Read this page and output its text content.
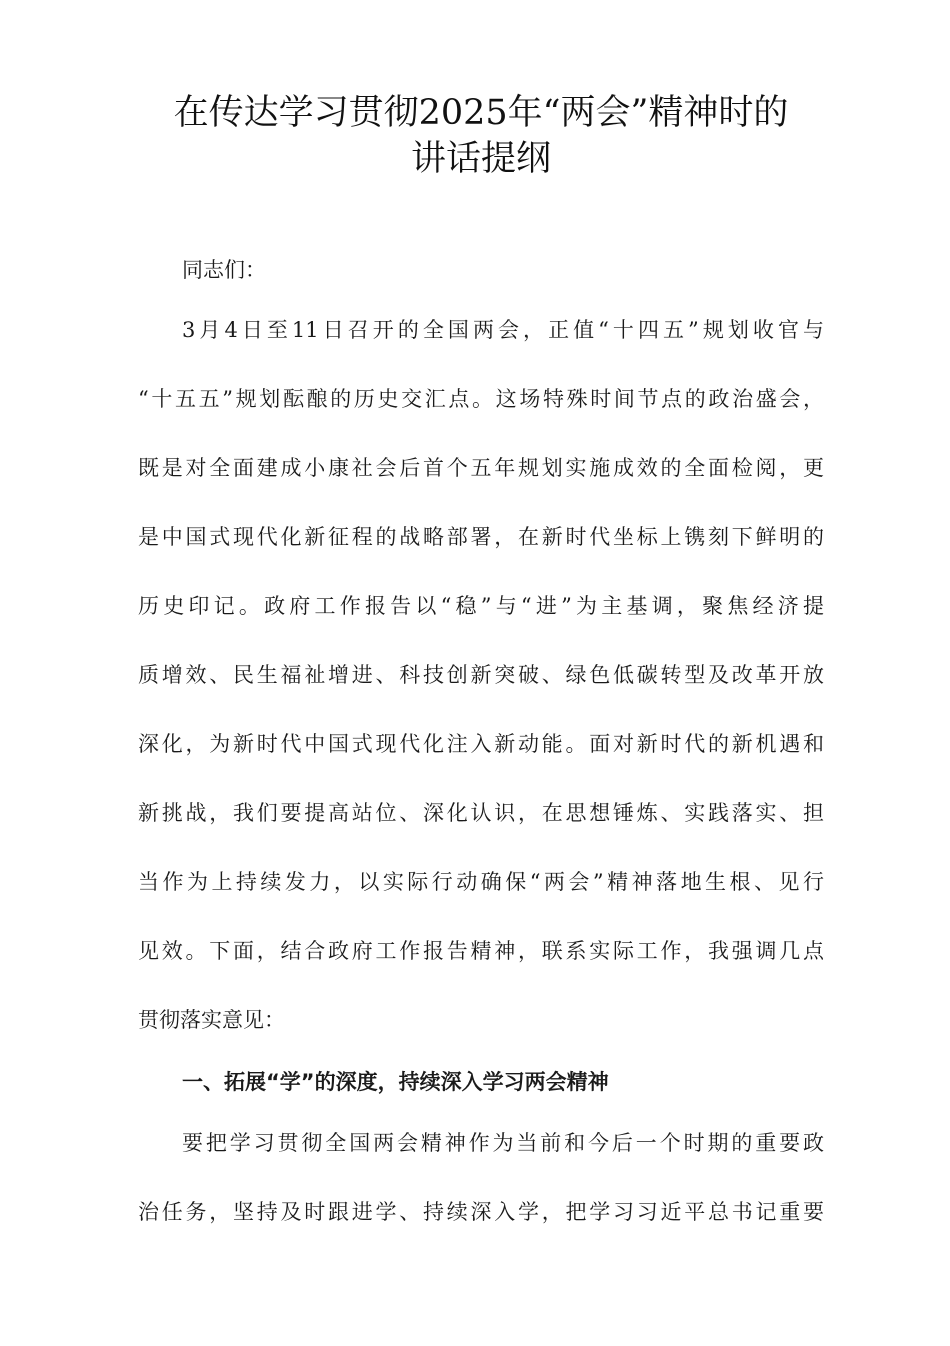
在传达学习贯彻2025年“两会”精神时的
讲话提纲
同志们：
3月4日至11日召开的全国两会，正值“十四五”规划收官与
“十五五”规划酝酿的历史交汇点。这场特殊时间节点的政治盛会，
既是对全面建成小康社会后首个五年规划实施成效的全面检阅，更
是中国式现代化新征程的战略部署，在新时代坐标上镌刻下鲜明的
历史印记。政府工作报告以“稳”与“进”为主基调，聚焦经济提
质增效、民生福祉增进、科技创新突破、绿色低碳转型及改革开放
深化，为新时代中国式现代化注入新动能。面对新时代的新机遇和
新挑战，我们要提高站位、深化认识，在思想锤炼、实践落实、担
当作为上持续发力，以实际行动确保“两会”精神落地生根、见行
见效。下面，结合政府工作报告精神，联系实际工作，我强调几点
贯彻落实意见：
一、拓展“学”的深度，持续深入学习两会精神
要把学习贯彻全国两会精神作为当前和今后一个时期的重要政
治任务，坚持及时跟进学、持续深入学，把学习习近平总书记重要
